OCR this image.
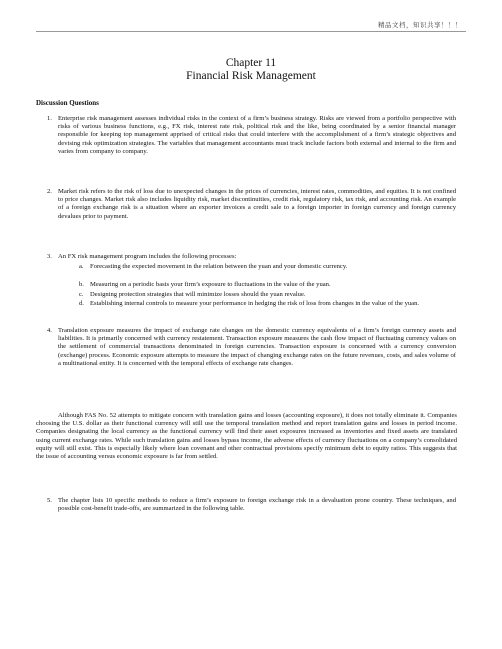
精品文档，知识共享！！！
Chapter 11
Financial Risk Management
Discussion Questions
1. Enterprise risk management assesses individual risks in the context of a firm’s business strategy. Risks are viewed from a portfolio perspective with risks of various business functions, e.g., FX risk, interest rate risk, political risk and the like, being coordinated by a senior financial manager responsible for keeping top management apprised of critical risks that could interfere with the accomplishment of a firm’s strategic objectives and devising risk optimization strategies. The variables that management accountants must track include factors both external and internal to the firm and varies from company to company.
2. Market risk refers to the risk of loss due to unexpected changes in the prices of currencies, interest rates, commodities, and equities. It is not confined to price changes. Market risk also includes liquidity risk, market discontinuities, credit risk, regulatory risk, tax risk, and accounting risk. An example of a foreign exchange risk is a situation where an exporter invoices a credit sale to a foreign importer in foreign currency and foreign currency devalues prior to payment.
3. An FX risk management program includes the following processes:
a. Forecasting the expected movement in the relation between the yuan and your domestic currency.
b. Measuring on a periodic basis your firm’s exposure to fluctuations in the value of the yuan.
c. Designing protection strategies that will minimize losses should the yuan revalue.
d. Establishing internal controls to measure your performance in hedging the risk of loss from changes in the value of the yuan.
4. Translation exposure measures the impact of exchange rate changes on the domestic currency equivalents of a firm’s foreign currency assets and liabilities. It is primarily concerned with currency restatement. Transaction exposure measures the cash flow impact of fluctuating currency values on the settlement of commercial transactions denominated in foreign currencies. Transaction exposure is concerned with a currency conversion (exchange) process. Economic exposure attempts to measure the impact of changing exchange rates on the future revenues, costs, and sales volume of a multinational entity. It is concerned with the temporal effects of exchange rate changes.
Although FAS No. 52 attempts to mitigate concern with translation gains and losses (accounting exposure), it does not totally eliminate it. Companies choosing the U.S. dollar as their functional currency will still use the temporal translation method and report translation gains and losses in period income. Companies designating the local currency as the functional currency will find their asset exposures increased as inventories and fixed assets are translated using current exchange rates. While such translation gains and losses bypass income, the adverse effects of currency fluctuations on a company’s consolidated equity will still exist. This is especially likely where loan covenant and other contractual provisions specify minimum debt to equity ratios. This suggests that the issue of accounting versus economic exposure is far from settled.
5. The chapter lists 10 specific methods to reduce a firm’s exposure to foreign exchange risk in a devaluation prone country. These techniques, and possible cost-benefit trade-offs, are summarized in the following table.
